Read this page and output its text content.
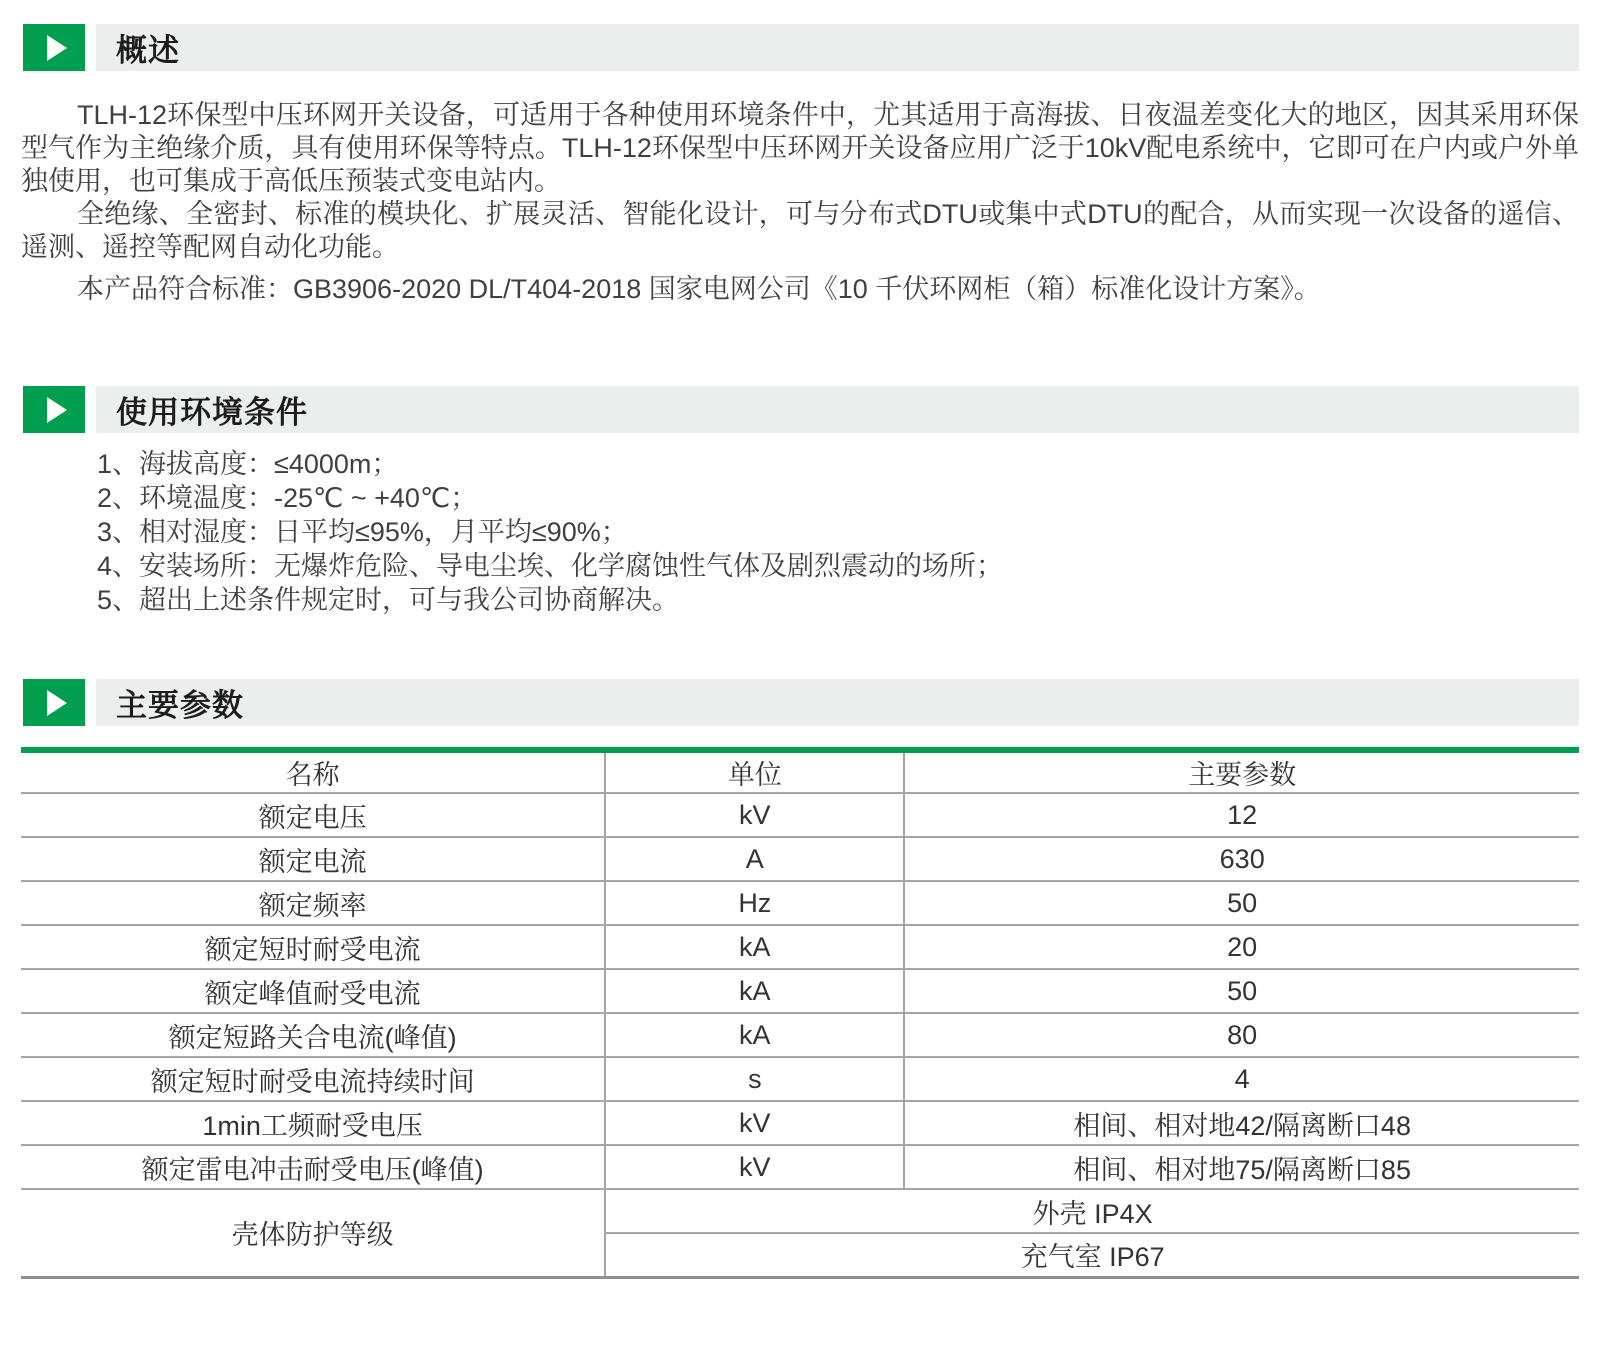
概述

TLH-12环保型中压环网开关设备，可适用于各种使用环境条件中，尤其适用于高海拔、日夜温差变化大的地区，因其采用环保型气作为主绝缘介质，具有使用环保等特点。TLH-12环保型中压环网开关设备应用广泛于10kV配电系统中，它即可在户内或户外单独使用，也可集成于高低压预装式变电站内。

全绝缘、全密封、标准的模块化、扩展灵活、智能化设计，可与分布式DTU或集中式DTU的配合，从而实现一次设备的遥信、遥测、遥控等配网自动化功能。

本产品符合标准：GB3906-2020 DL/T404-2018 国家电网公司《10 千伏环网柜（箱）标准化设计方案》。

使用环境条件
1、海拔高度：≤4000m；
2、环境温度：-25℃ ~ +40℃；
3、相对湿度：日平均≤95%，月平均≤90%；
4、安装场所：无爆炸危险、导电尘埃、化学腐蚀性气体及剧烈震动的场所；
5、超出上述条件规定时，可与我公司协商解决。
主要参数
名称	单位	主要参数
额定电压	kV	12
额定电流	A	630
额定频率	Hz	50
额定短时耐受电流	kA	20
额定峰值耐受电流	kA	50
额定短路关合电流(峰值)	kA	80
额定短时耐受电流持续时间	s	4
1min工频耐受电压	kV	相间、相对地42/隔离断口48
额定雷电冲击耐受电压(峰值)	kV	相间、相对地75/隔离断口85
壳体防护等级	外壳 IP4X	
	充气室 IP67	
